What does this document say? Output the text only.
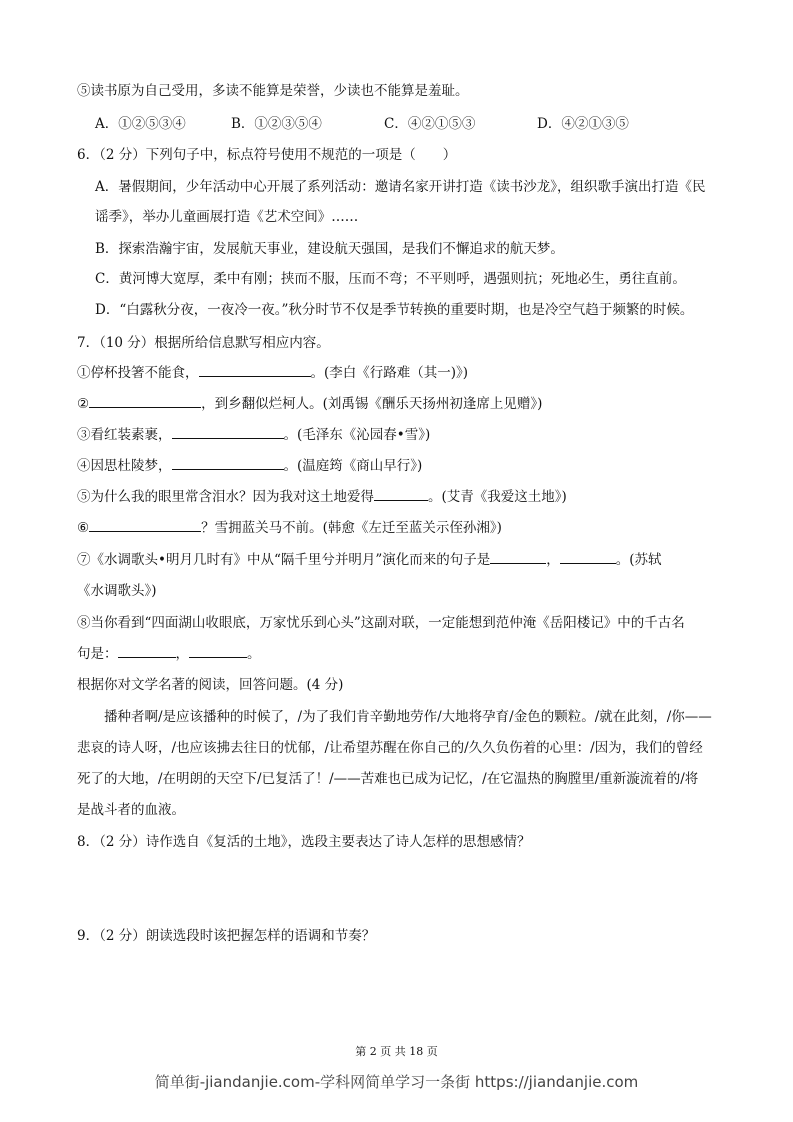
⑤读书原为自己受用，多读不能算是荣誉，少读也不能算是羞耻。
A．①②⑤③④	B．①②③⑤④	C．④②①⑤③	D．④②①③⑤
6．（2 分）下列句子中，标点符号使用不规范的一项是（　　）
A．暑假期间，少年活动中心开展了系列活动：邀请名家开讲打造《读书沙龙》，组织歌手演出打造《民
谣季》，举办儿童画展打造《艺术空间》……
B．探索浩瀚宇宙，发展航天事业，建设航天强国，是我们不懈追求的航天梦。
C．黄河博大宽厚，柔中有刚；挟而不服，压而不弯；不平则呼，遇强则抗；死地必生，勇往直前。
D．“白露秋分夜，一夜冷一夜。”秋分时节不仅是季节转换的重要时期，也是冷空气趋于频繁的时候。
7．（10 分）根据所给信息默写相应内容。
①停杯投箸不能食，	。(李白《行路难（其一)》)
②	，到乡翻似烂柯人。(刘禹锡《酬乐天扬州初逢席上见赠》)
③看红装素裹，	。(毛泽东《沁园春•雪》)
④因思杜陵梦，	。(温庭筠《商山早行》)
⑤为什么我的眼里常含泪水？因为我对这土地爱得	。(艾青《我爱这土地》)
⑥	？雪拥蓝关马不前。(韩愈《左迁至蓝关示侄孙湘》)
⑦《水调歌头•明月几时有》中从“隔千里兮并明月”演化而来的句子是	，	。(苏轼
《水调歌头》)
⑧当你看到“四面湖山收眼底，万家忧乐到心头”这副对联，一定能想到范仲淹《岳阳楼记》中的千古名
句是：	，	。
根据你对文学名著的阅读，回答问题。(4 分)
播种者啊/是应该播种的时候了，/为了我们肯辛勤地劳作/大地将孕育/金色的颗粒。/就在此刻，/你——
悲哀的诗人呀，/也应该拂去往日的忧郁，/让希望苏醒在你自己的/久久负伤着的心里：/因为，我们的曾经
死了的大地，/在明朗的天空下/已复活了！/——苦难也已成为记忆，/在它温热的胸膛里/重新漩流着的/将
是战斗者的血液。
8．（2 分）诗作选自《复活的土地》，选段主要表达了诗人怎样的思想感情？
9．（2 分）朗读选段时该把握怎样的语调和节奏？
第 2 页 共 18 页
简单街-jiandanjie.com-学科网简单学习一条街 https://jiandanjie.com
